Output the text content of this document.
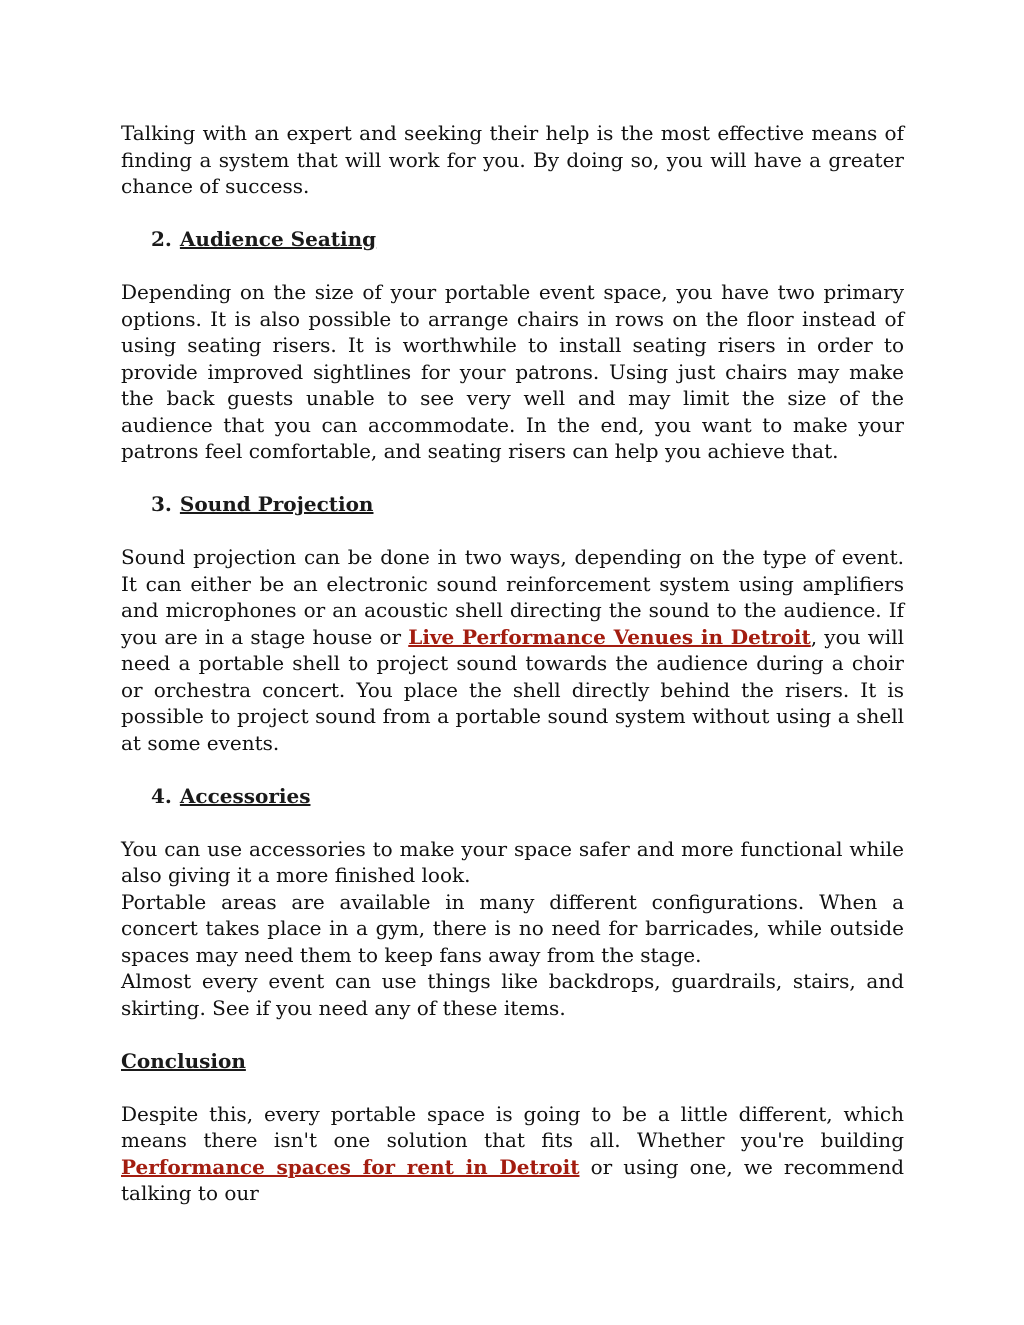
Talking with an expert and seeking their help is the most effective means of finding a system that will work for you. By doing so, you will have a greater chance of success.

2. Audience Seating

Depending on the size of your portable event space, you have two primary options. It is also possible to arrange chairs in rows on the floor instead of using seating risers. It is worthwhile to install seating risers in order to provide improved sightlines for your patrons. Using just chairs may make the back guests unable to see very well and may limit the size of the audience that you can accommodate. In the end, you want to make your patrons feel comfortable, and seating risers can help you achieve that.

3. Sound Projection

Sound projection can be done in two ways, depending on the type of event. It can either be an electronic sound reinforcement system using amplifiers and microphones or an acoustic shell directing the sound to the audience. If you are in a stage house or Live Performance Venues in Detroit, you will need a portable shell to project sound towards the audience during a choir or orchestra concert. You place the shell directly behind the risers. It is possible to project sound from a portable sound system without using a shell at some events.

4. Accessories

You can use accessories to make your space safer and more functional while also giving it a more finished look.

Portable areas are available in many different configurations. When a concert takes place in a gym, there is no need for barricades, while outside spaces may need them to keep fans away from the stage.

Almost every event can use things like backdrops, guardrails, stairs, and skirting. See if you need any of these items.

Conclusion

Despite this, every portable space is going to be a little different, which means there isn't one solution that fits all. Whether you're building Performance spaces for rent in Detroit or using one, we recommend talking to our
